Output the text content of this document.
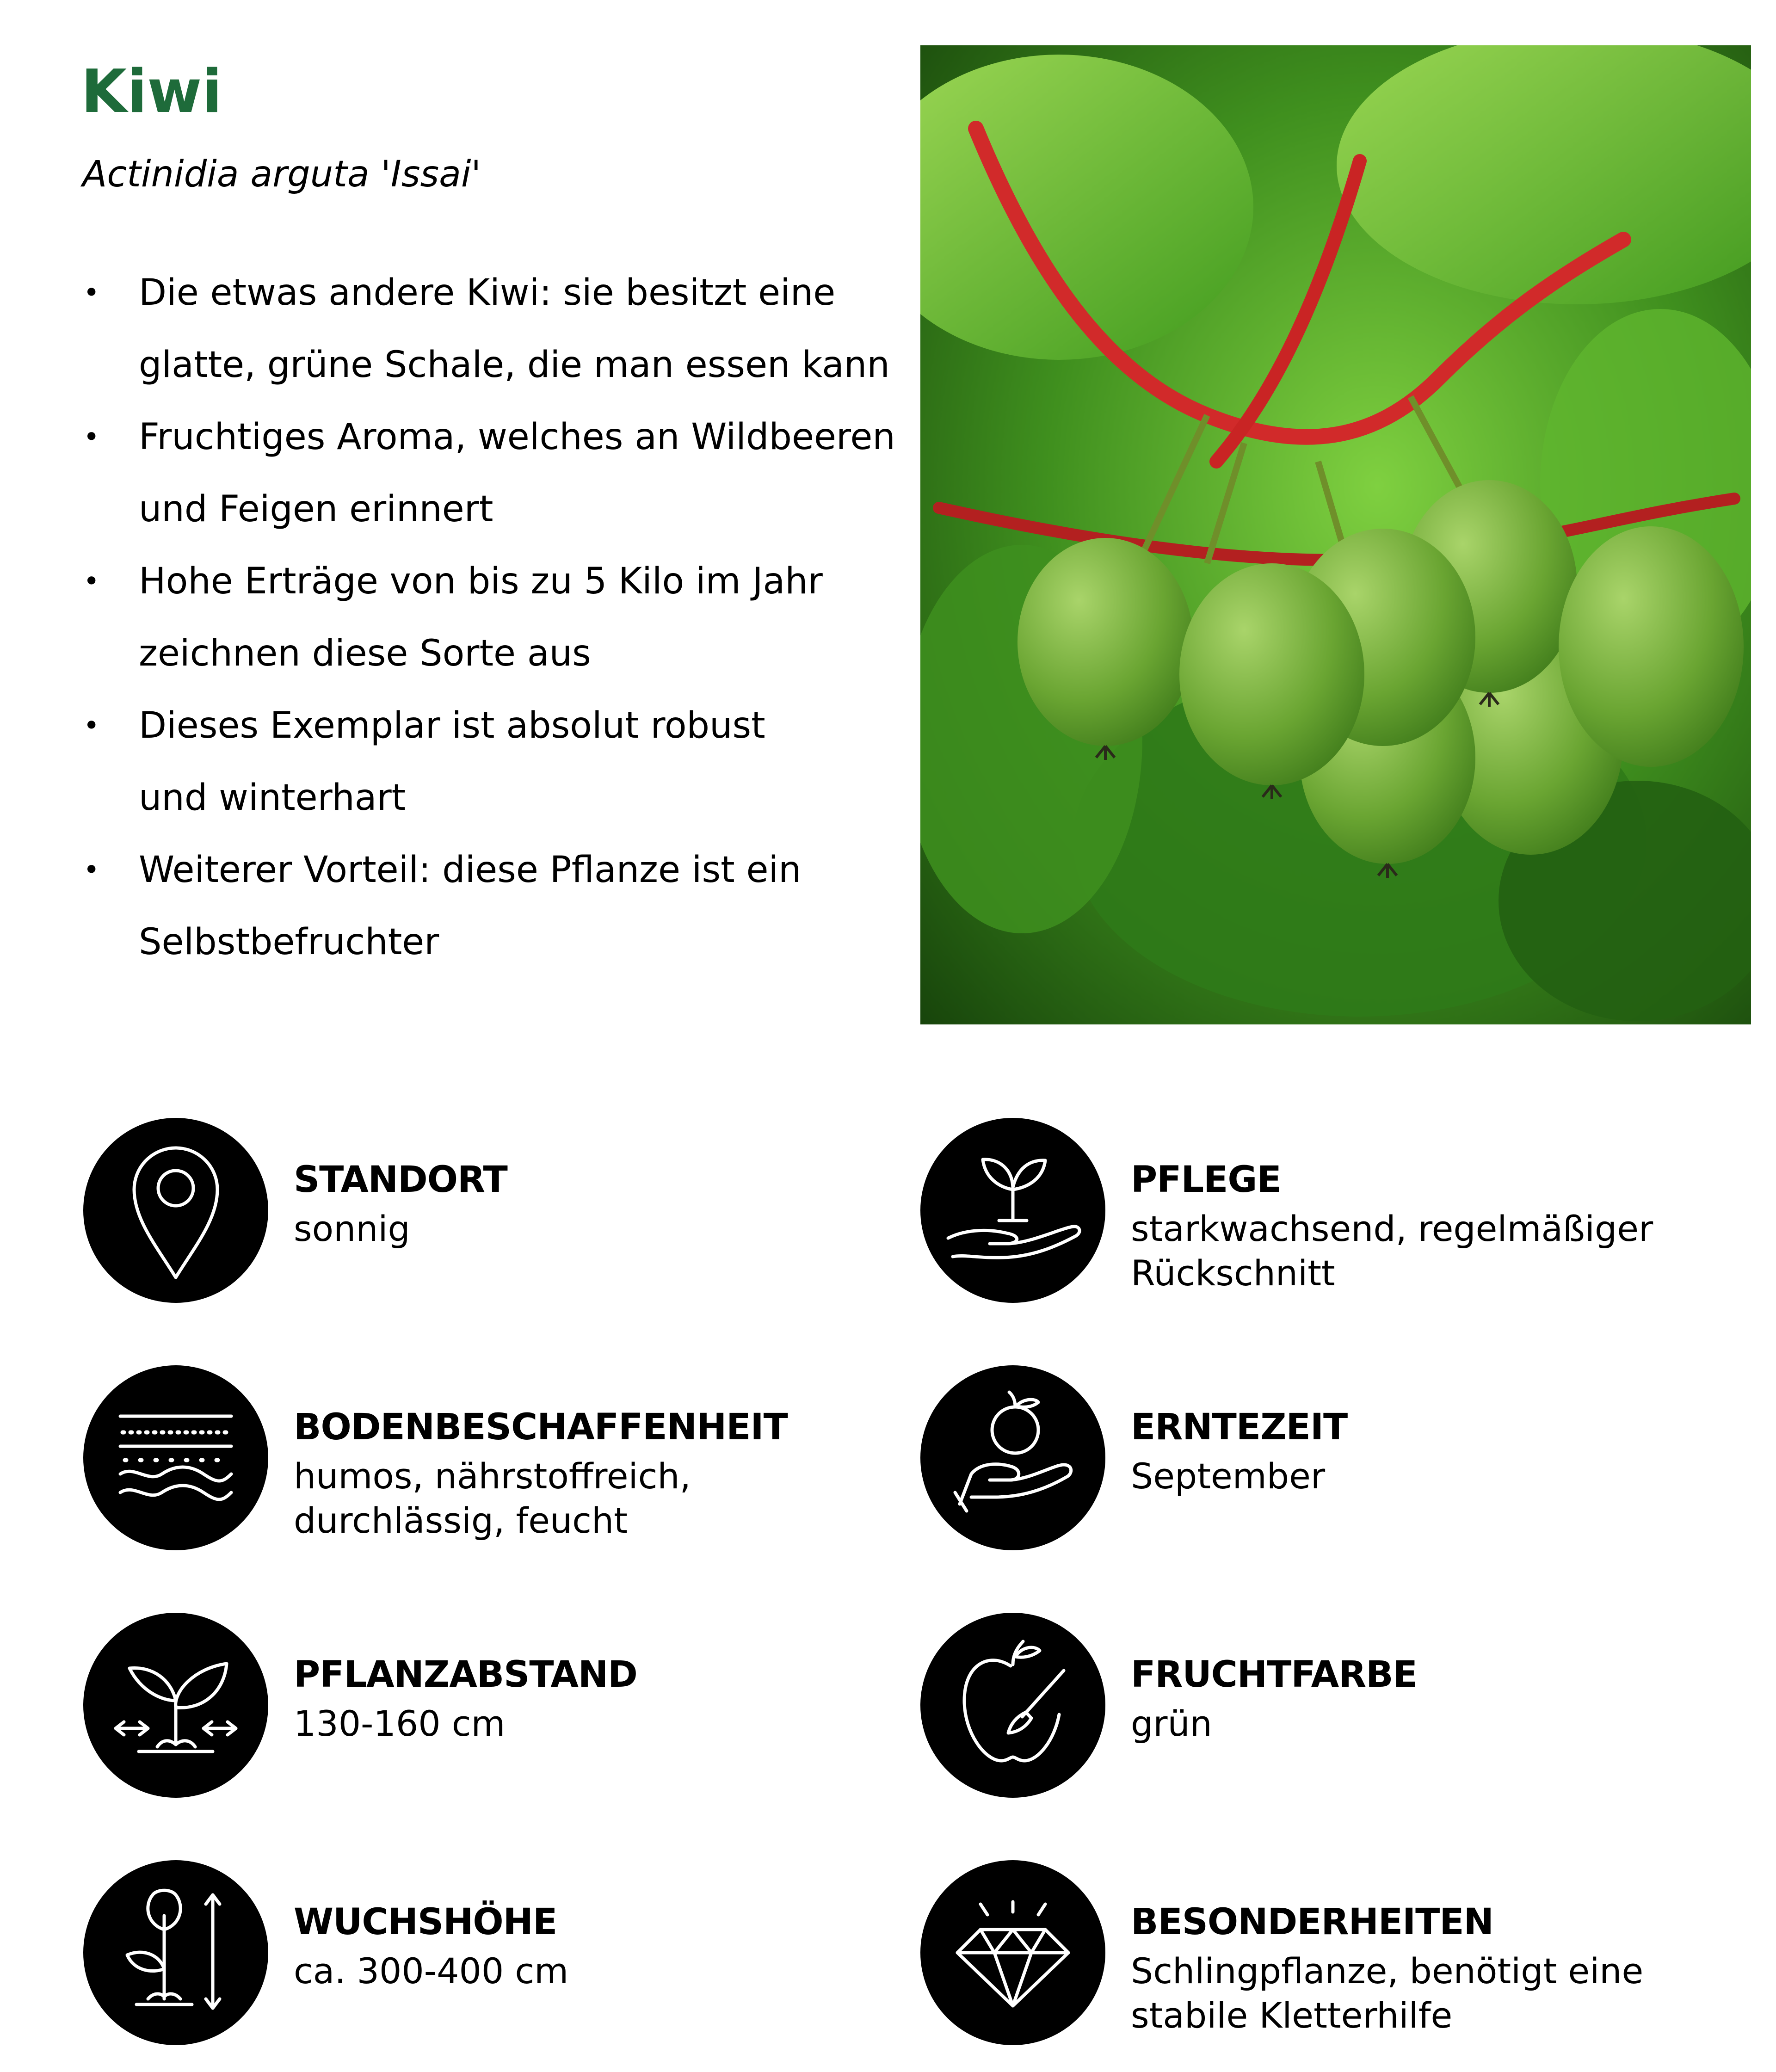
Kiwi
Actinidia arguta 'Issai'
• Die etwas andere Kiwi: sie besitzt eine
glatte, grüne Schale, die man essen kann
• Fruchtiges Aroma, welches an Wildbeeren
und Feigen erinnert
• Hohe Erträge von bis zu 5 Kilo im Jahr
zeichnen diese Sorte aus
• Dieses Exemplar ist absolut robust
und winterhart
• Weiterer Vorteil: diese Pflanze ist ein
Selbstbefruchter
STANDORT
sonnig
PFLEGE
starkwachsend, regelmäßiger
Rückschnitt
BODENBESCHAFFENHEIT
humos, nährstoffreich,
durchlässig, feucht
ERNTEZEIT
September
PFLANZABSTAND
130-160 cm
FRUCHTFARBE
grün
WUCHSHÖHE
ca. 300-400 cm
BESONDERHEITEN
Schlingpflanze, benötigt eine
stabile Kletterhilfe
